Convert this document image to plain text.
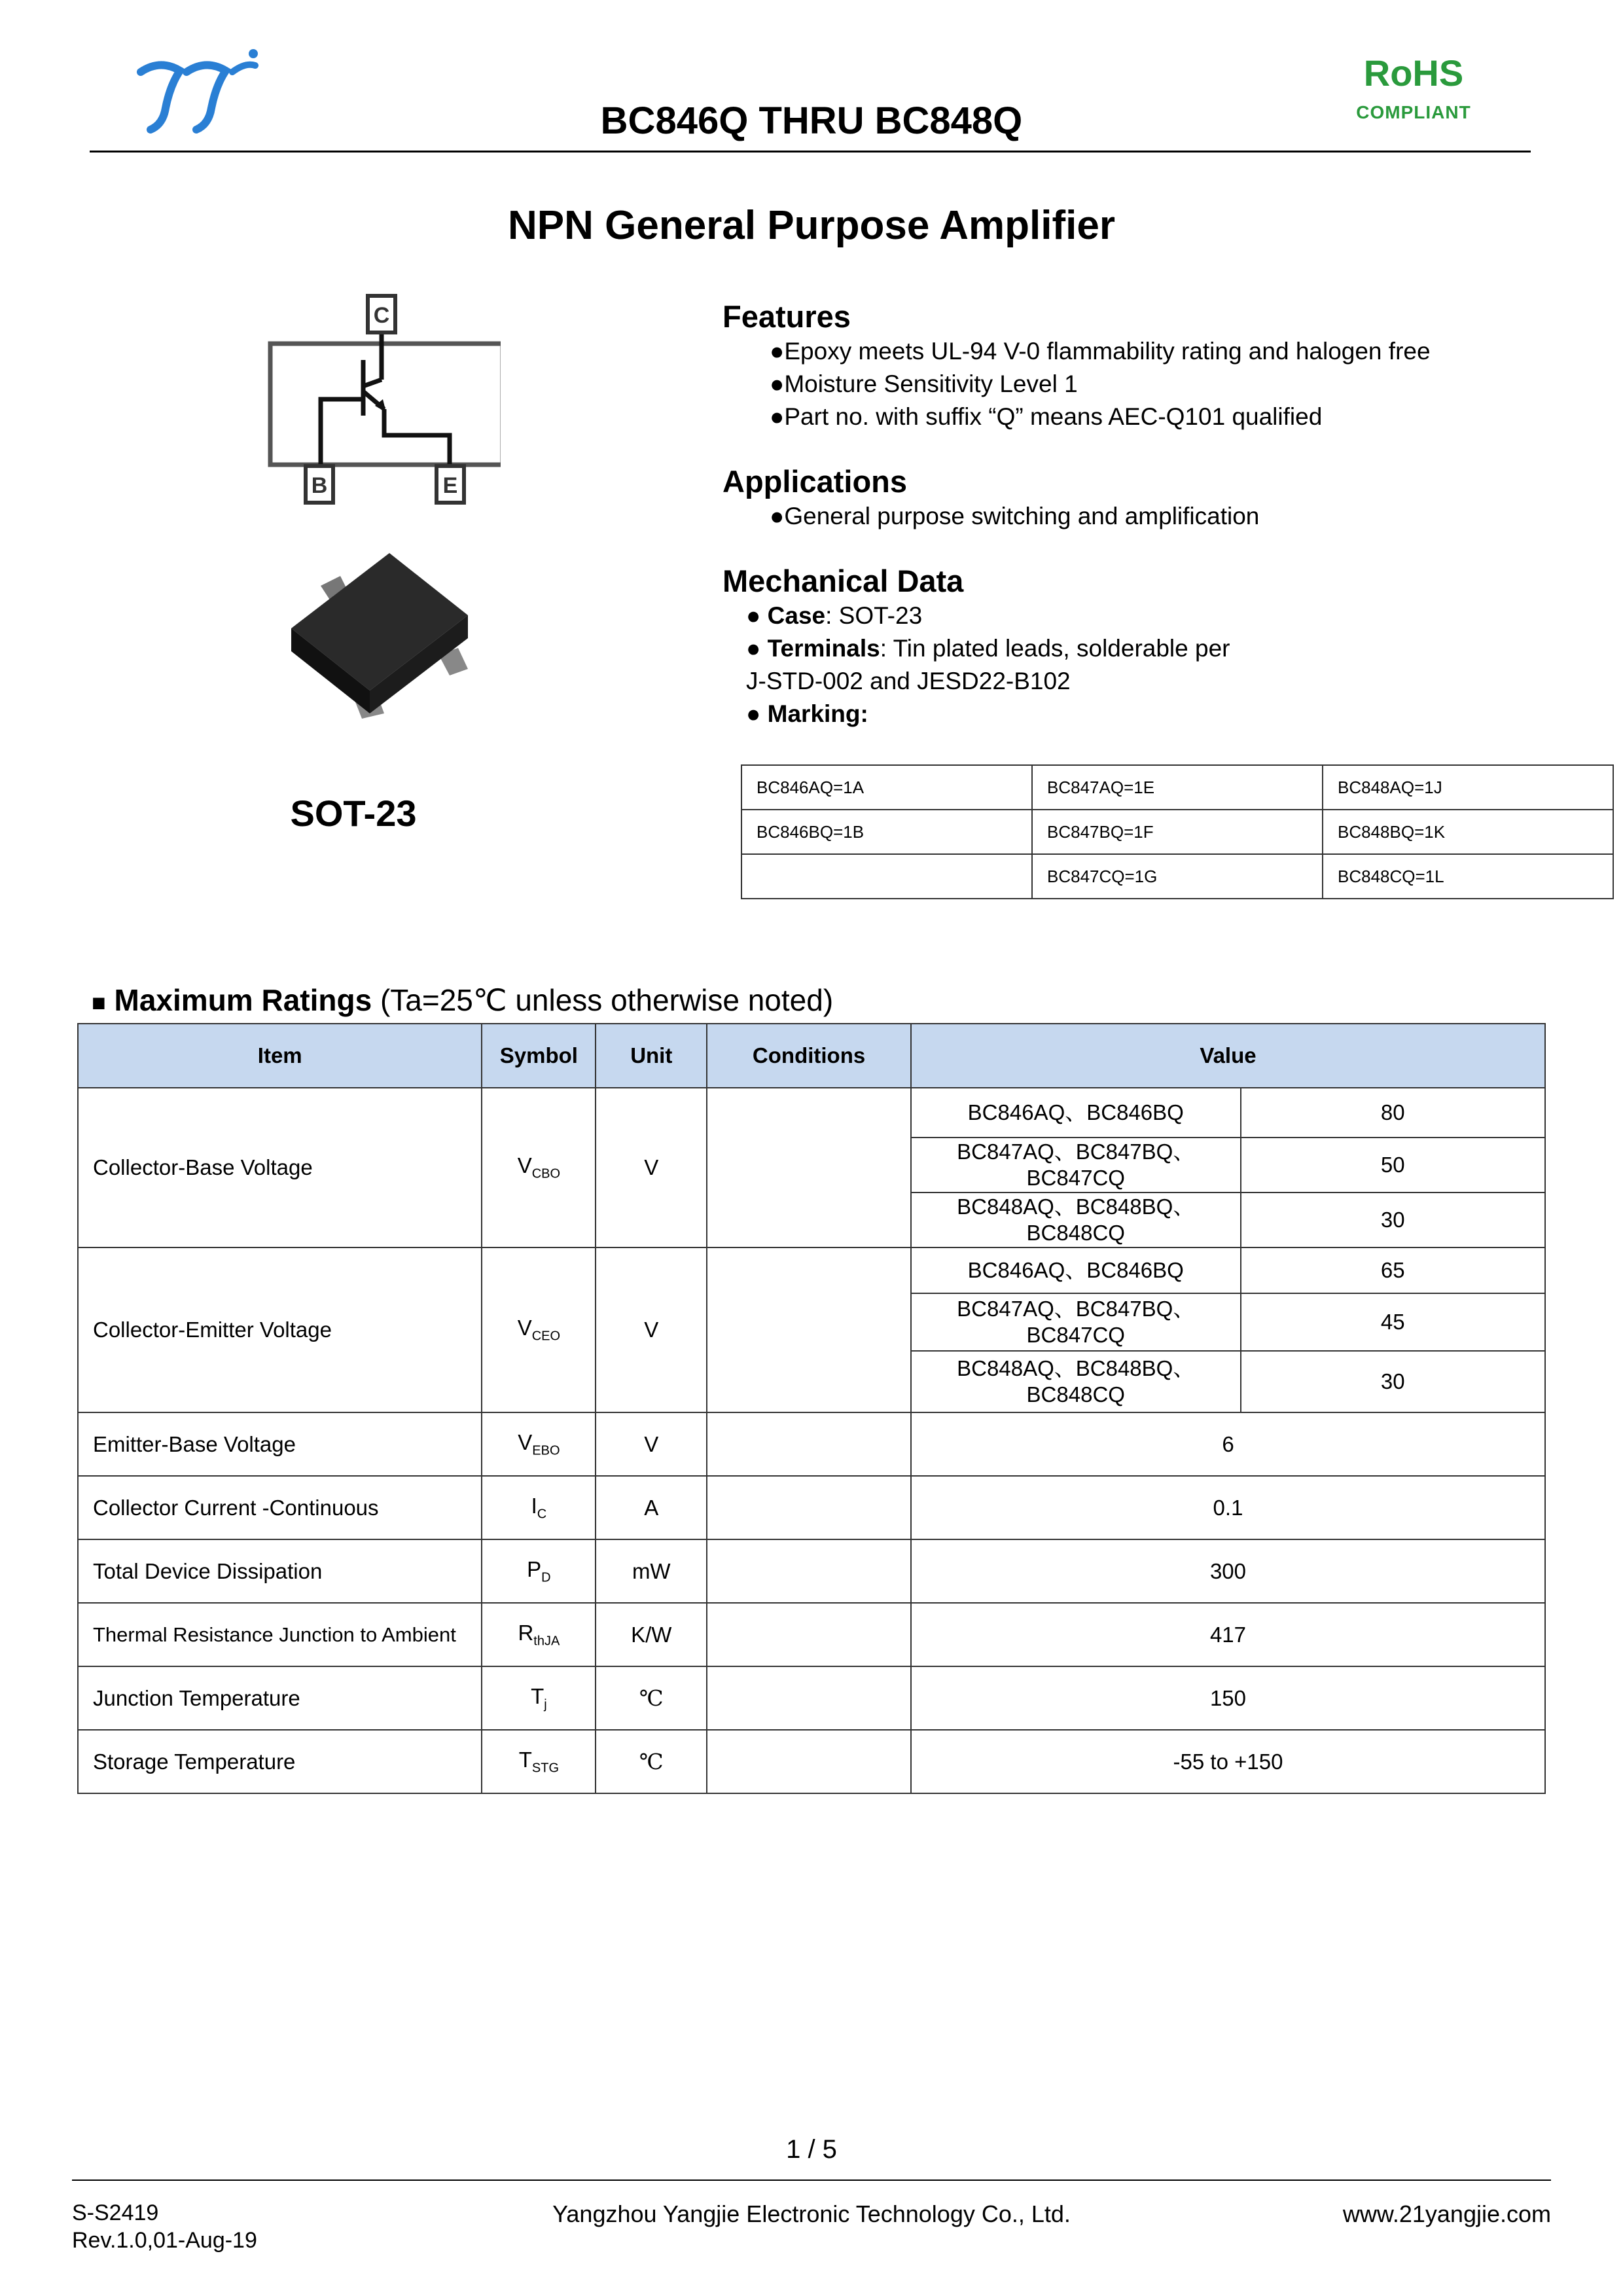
RoHS
COMPLIANT
BC846Q THRU BC848Q
NPN General Purpose Amplifier
C
B	E
SOT-23
Features
● Epoxy meets UL-94 V-0 flammability rating and halogen free
● Moisture Sensitivity Level 1
● Part no. with suffix “Q” means AEC-Q101 qualified
Applications
● General purpose switching and amplification
Mechanical Data
● Case: SOT-23
● Terminals: Tin plated leads, solderable per
J-STD-002 and JESD22-B102
● Marking:
BC846AQ=1A	BC847AQ=1E	BC848AQ=1J
BC846BQ=1B	BC847BQ=1F	BC848BQ=1K
	BC847CQ=1G	BC848CQ=1L
■ Maximum Ratings (Ta=25℃ unless otherwise noted)
Item	Symbol	Unit	Conditions	Value	
Collector-Base Voltage	$V_{CBO}$	V		BC846AQ、BC846BQ	80
				BC847AQ、BC847BQ、BC847CQ	50
				BC848AQ、BC848BQ、BC848CQ	30
Collector-Emitter Voltage	$V_{CEO}$	V		BC846AQ、BC846BQ	65
				BC847AQ、BC847BQ、BC847CQ	45
				BC848AQ、BC848BQ、BC848CQ	30
Emitter-Base Voltage	$V_{EBO}$	V		6	
Collector Current -Continuous	$I_C$	A		0.1	
Total Device Dissipation	$P_D$	mW		300	
Thermal Resistance Junction to Ambient	$R_{thJA}$	K/W		417	
Junction Temperature	$T_j$	℃		150	
Storage Temperature	$T_{STG}$	℃		-55 to +150	
1 / 5
S-S2419
Rev.1.0,01-Aug-19
Yangzhou Yangjie Electronic Technology Co., Ltd.	www.21yangjie.com
